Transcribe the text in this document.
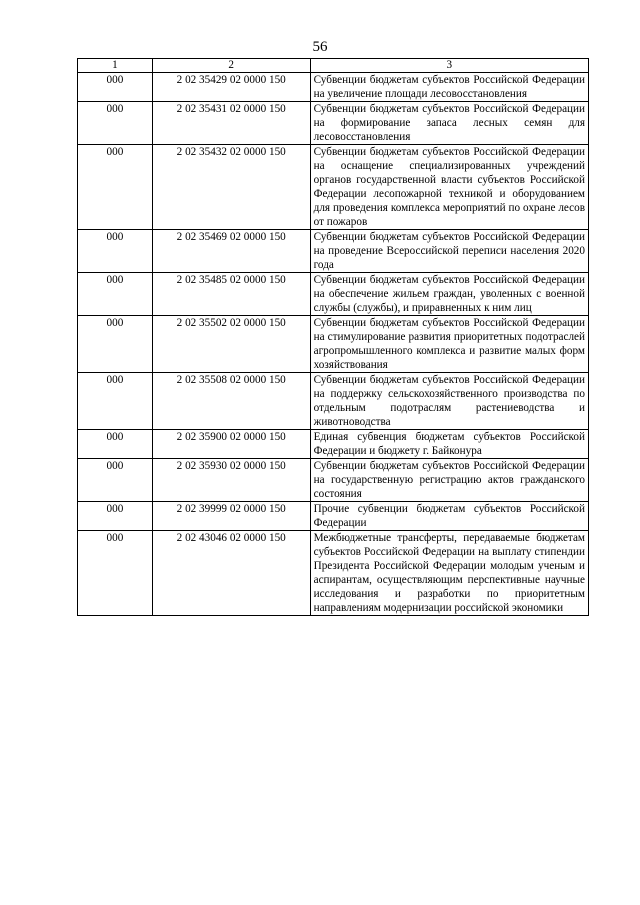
56
1	2	3
000	2 02 35429 02 0000 150	Субвенции бюджетам субъектов Российской Федерации на увеличение площади лесовосстановления
000	2 02 35431 02 0000 150	Субвенции бюджетам субъектов Российской Федерации на формирование запаса лесных семян для лесовосстановления
000	2 02 35432 02 0000 150	Субвенции бюджетам субъектов Российской Федерации на оснащение специализированных учреждений органов государственной власти субъектов Российской Федерации лесопожарной техникой и оборудованием для проведения комплекса мероприятий по охране лесов от пожаров
000	2 02 35469 02 0000 150	Субвенции бюджетам субъектов Российской Федерации на проведение Всероссийской переписи населения 2020 года
000	2 02 35485 02 0000 150	Субвенции бюджетам субъектов Российской Федерации на обеспечение жильем граждан, уволенных с военной службы (службы), и приравненных к ним лиц
000	2 02 35502 02 0000 150	Субвенции бюджетам субъектов Российской Федерации на стимулирование развития приоритетных подотраслей агропромышленного комплекса и развитие малых форм хозяйствования
000	2 02 35508 02 0000 150	Субвенции бюджетам субъектов Российской Федерации на поддержку сельскохозяйственного производства по отдельным подотраслям растениеводства и животноводства
000	2 02 35900 02 0000 150	Единая субвенция бюджетам субъектов Российской Федерации и бюджету г. Байконура
000	2 02 35930 02 0000 150	Субвенции бюджетам субъектов Российской Федерации на государственную регистрацию актов гражданского состояния
000	2 02 39999 02 0000 150	Прочие субвенции бюджетам субъектов Российской Федерации
000	2 02 43046 02 0000 150	Межбюджетные трансферты, передаваемые бюджетам субъектов Российской Федерации на выплату стипендии Президента Российской Федерации молодым ученым и аспирантам, осуществляющим перспективные научные исследования и разработки по приоритетным направлениям модернизации российской экономики
